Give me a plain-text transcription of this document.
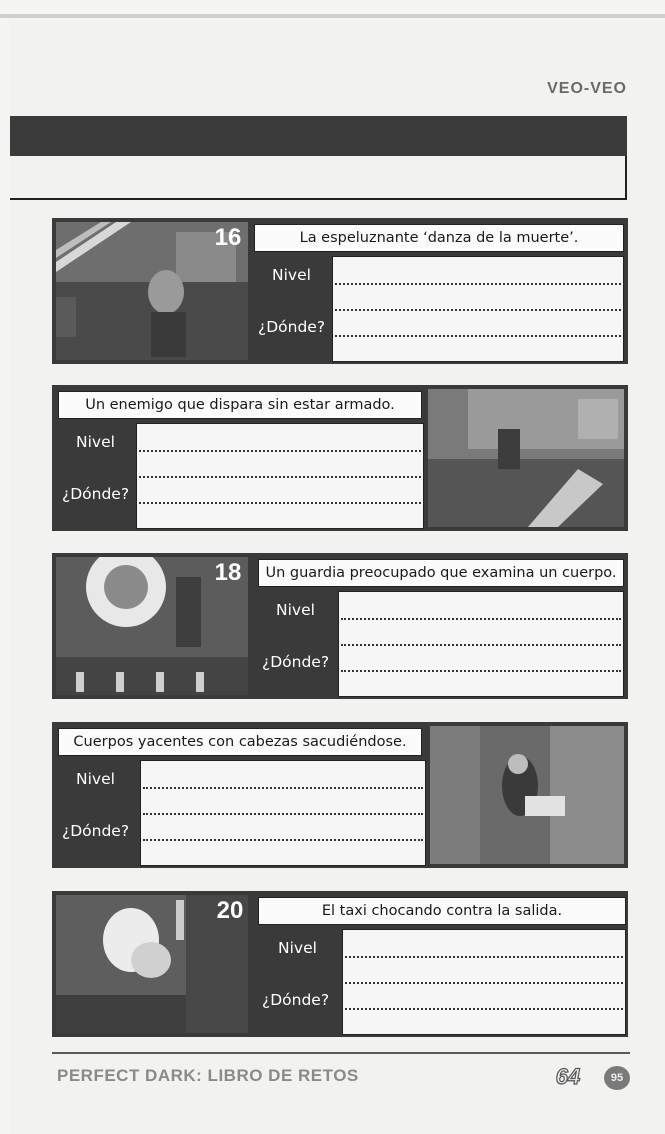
VEO-VEO
16	La espeluznante ‘danza de la muerte’.
Nivel
¿Dónde?
Un enemigo que dispara sin estar armado.
Nivel
¿Dónde?
18	Un guardia preocupado que examina un cuerpo.
Nivel
¿Dónde?
Cuerpos yacentes con cabezas sacudiéndose.
Nivel
¿Dónde?
20	El taxi chocando contra la salida.
Nivel
¿Dónde?
PERFECT DARK: LIBRO DE RETOS	64	95
